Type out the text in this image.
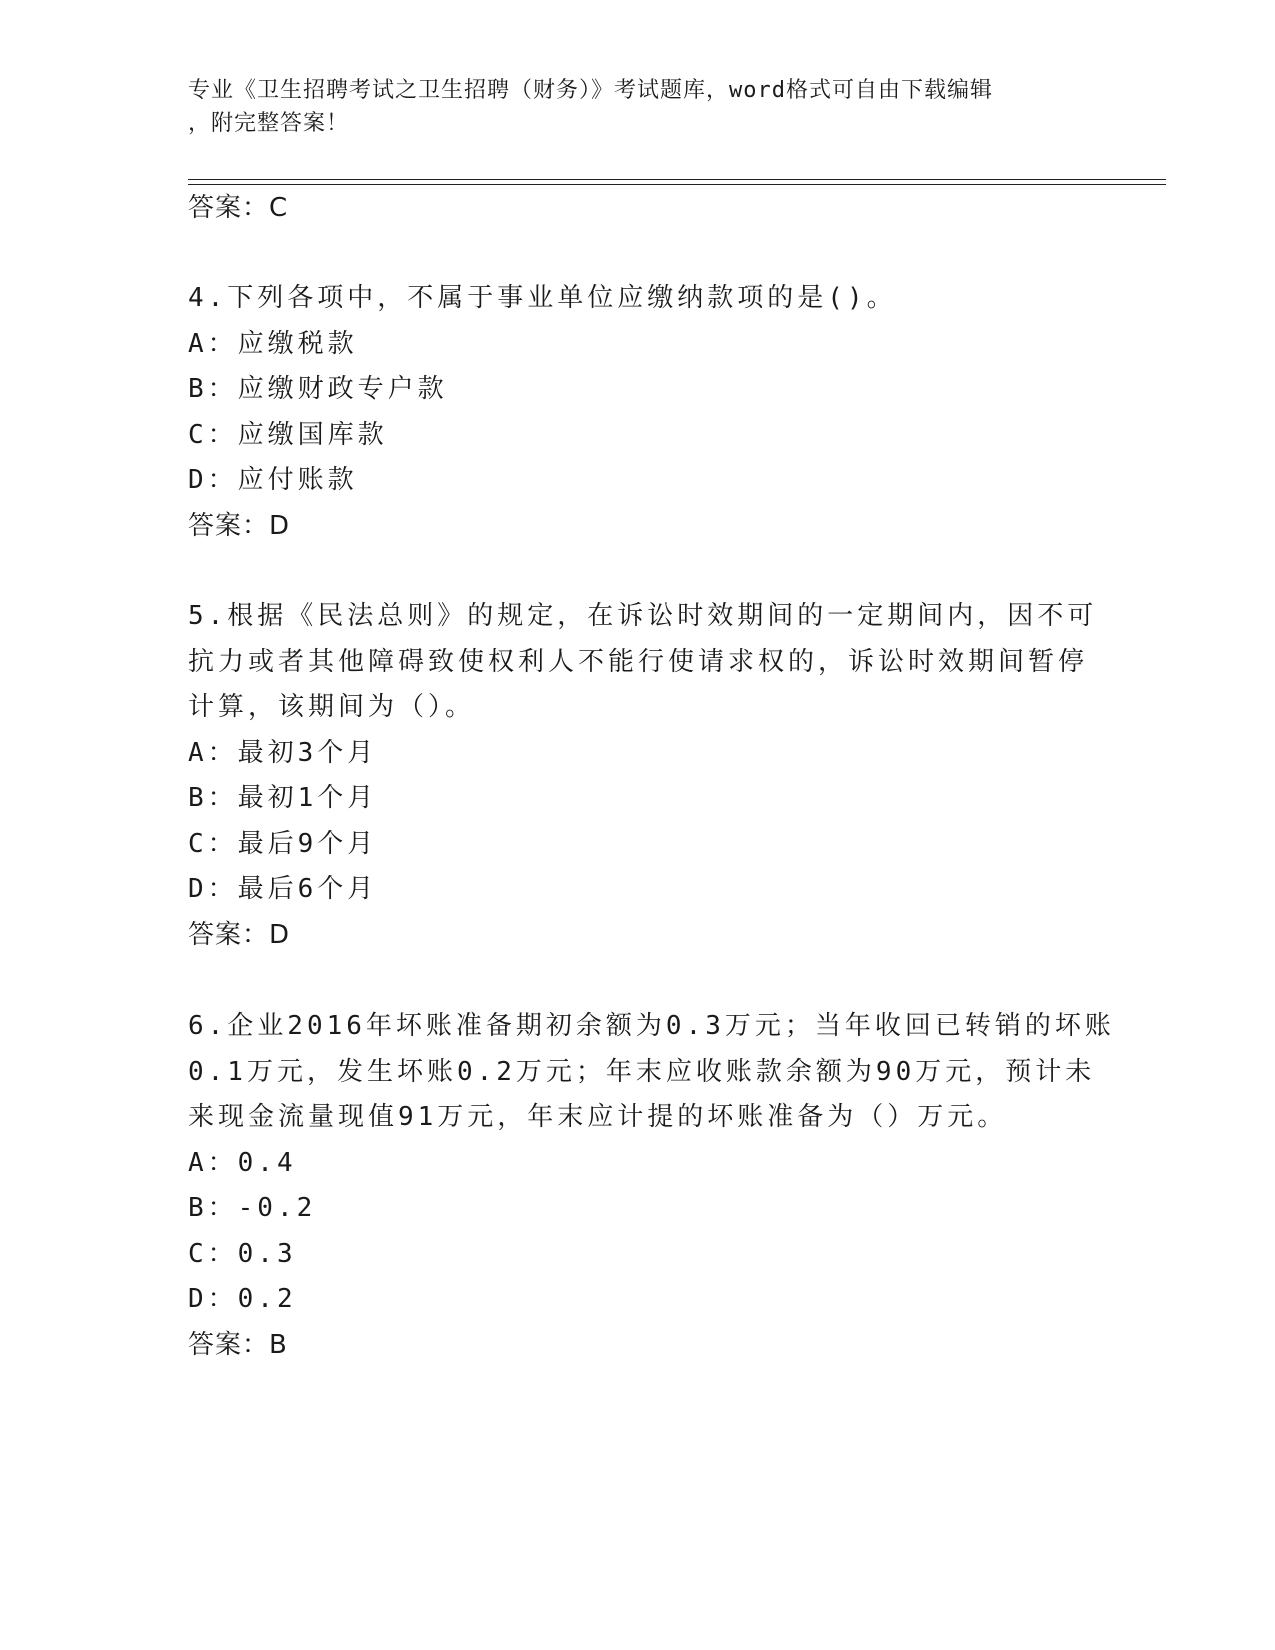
专业《卫生招聘考试之卫生招聘（财务）》考试题库，word格式可自由下载编辑
，附完整答案！
答案：C
4.下列各项中，不属于事业单位应缴纳款项的是()。
A：应缴税款
B：应缴财政专户款
C：应缴国库款
D：应付账款
答案：D
5.根据《民法总则》的规定，在诉讼时效期间的一定期间内，因不可
抗力或者其他障碍致使权利人不能行使请求权的，诉讼时效期间暂停
计算，该期间为（）。
A：最初3个月
B：最初1个月
C：最后9个月
D：最后6个月
答案：D
6.企业2016年坏账准备期初余额为0.3万元；当年收回已转销的坏账
0.1万元，发生坏账0.2万元；年末应收账款余额为90万元，预计未
来现金流量现值91万元，年末应计提的坏账准备为（）万元。
A：0.4
B：-0.2
C：0.3
D：0.2
答案：B
